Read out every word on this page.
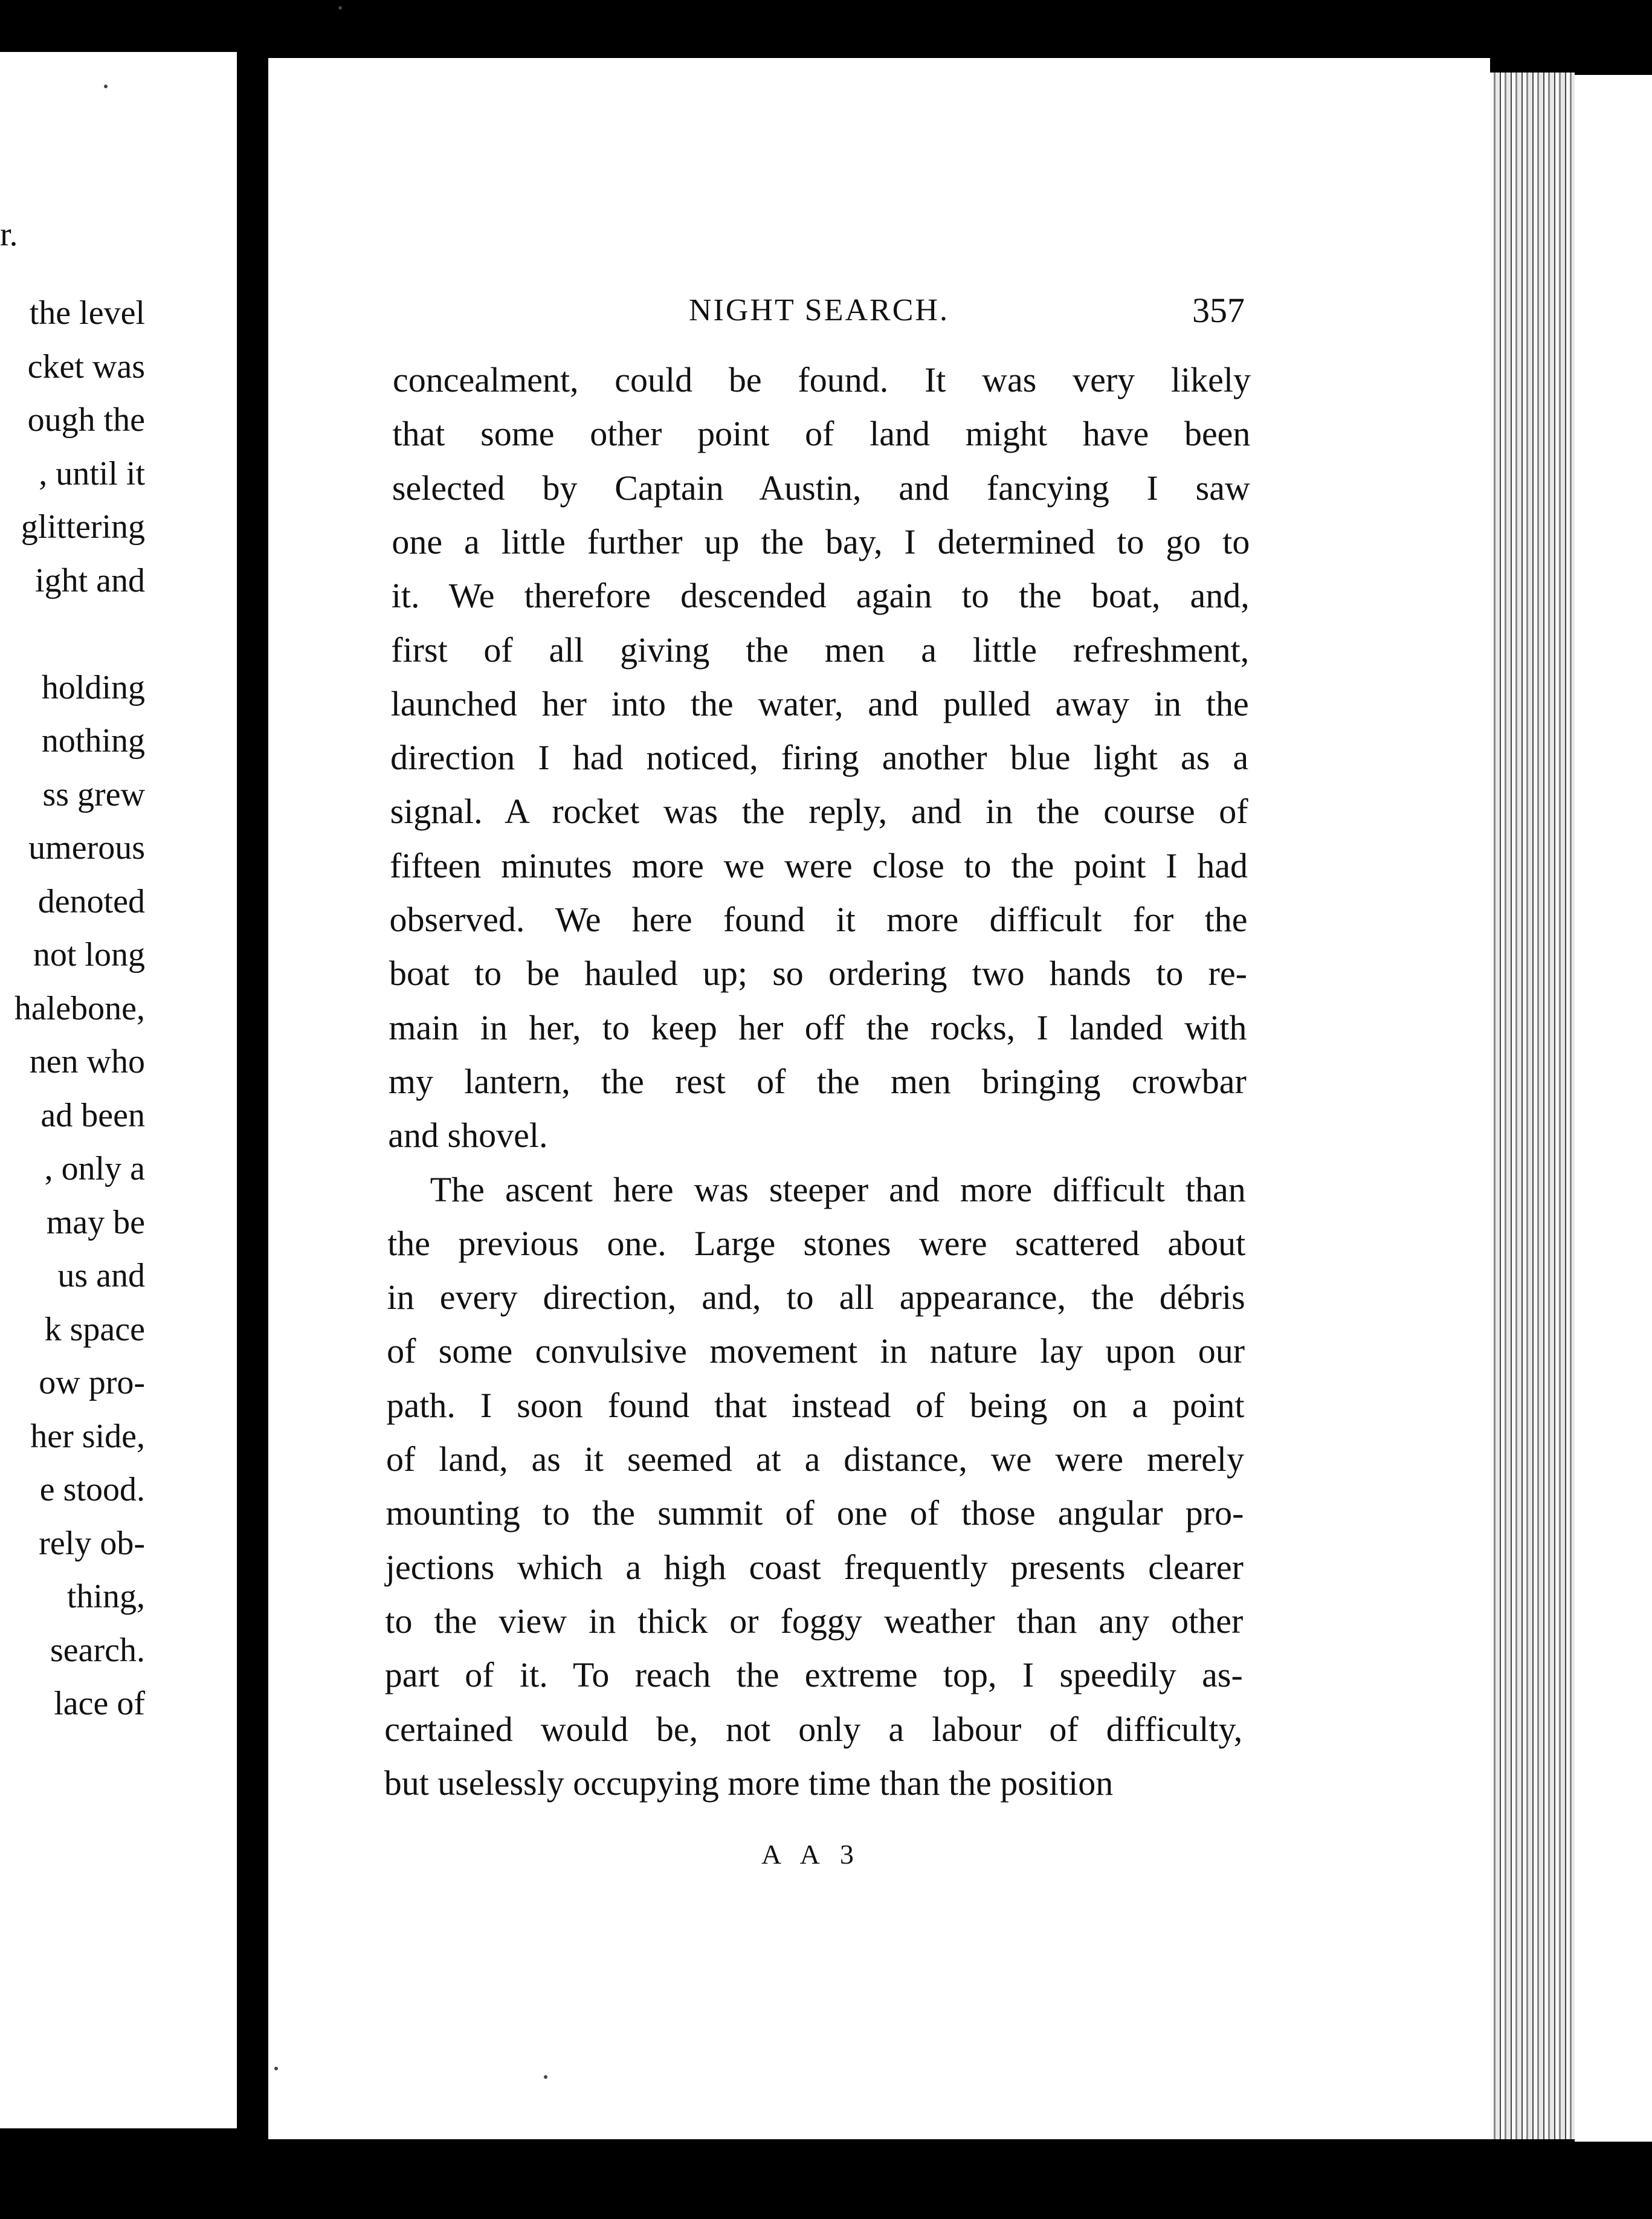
r.
the level
cket was
ough the
, until it
glittering
ight and
holding
nothing
ss grew
umerous
denoted
not long
halebone,
nen who
ad been
, only a
may be
us and
k space
ow pro-
her side,
e stood.
rely ob-
thing,
search.
lace of
NIGHT SEARCH.	357
concealment, could be found. It was very likely
that some other point of land might have been
selected by Captain Austin, and fancying I saw
one a little further up the bay, I determined to go to
it. We therefore descended again to the boat, and,
first of all giving the men a little refreshment,
launched her into the water, and pulled away in the
direction I had noticed, firing another blue light as a
signal. A rocket was the reply, and in the course of
fifteen minutes more we were close to the point I had
observed. We here found it more difficult for the
boat to be hauled up; so ordering two hands to re-
main in her, to keep her off the rocks, I landed with
my lantern, the rest of the men bringing crowbar
and shovel.
The ascent here was steeper and more difficult than
the previous one. Large stones were scattered about
in every direction, and, to all appearance, the débris
of some convulsive movement in nature lay upon our
path. I soon found that instead of being on a point
of land, as it seemed at a distance, we were merely
mounting to the summit of one of those angular pro-
jections which a high coast frequently presents clearer
to the view in thick or foggy weather than any other
part of it. To reach the extreme top, I speedily as-
certained would be, not only a labour of difficulty,
but uselessly occupying more time than the position
A A 3
